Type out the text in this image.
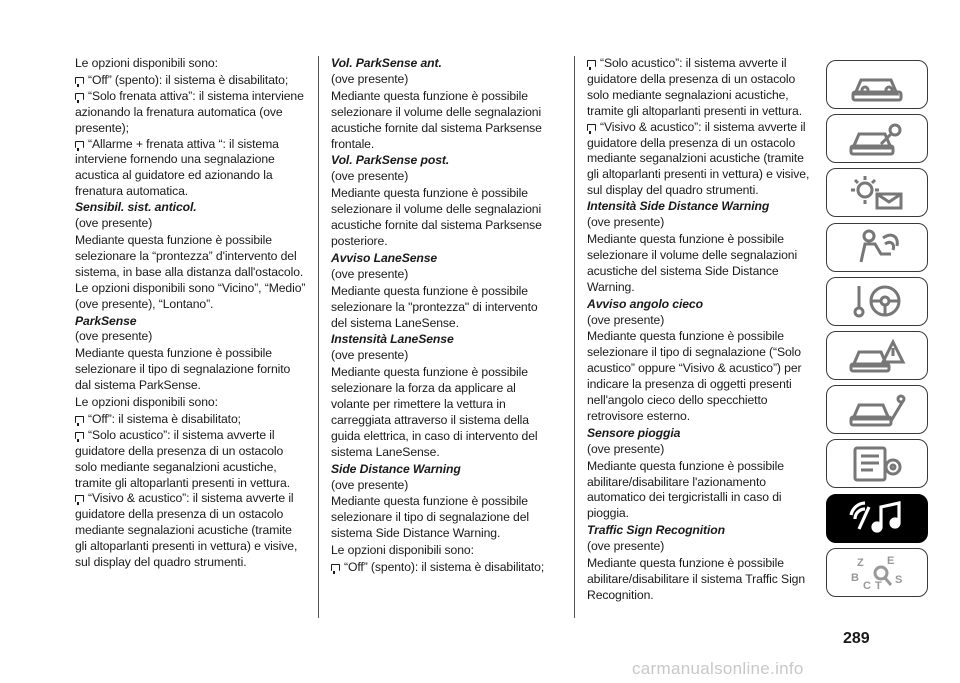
Le opzioni disponibili sono:
“Off” (spento): il sistema è disabilitato;
“Solo frenata attiva”: il sistema interviene azionando la frenatura automatica (ove presente);
“Allarme + frenata attiva “: il sistema interviene fornendo una segnalazione acustica al guidatore ed azionando la frenatura automatica.
Sensibil. sist. anticol.
(ove presente)
Mediante questa funzione è possibile selezionare la “prontezza” d'intervento del sistema, in base alla distanza dall'ostacolo. Le opzioni disponibili sono “Vicino”, “Medio” (ove presente), “Lontano”.
ParkSense
(ove presente)
Mediante questa funzione è possibile selezionare il tipo di segnalazione fornito dal sistema ParkSense.
Le opzioni disponibili sono:
“Off”: il sistema è disabilitato;
“Solo acustico”: il sistema avverte il guidatore della presenza di un ostacolo solo mediante seganalzioni acustiche, tramite gli altoparlanti presenti in vettura.
“Visivo & acustico”: il sistema avverte il guidatore della presenza di un ostacolo mediante segnalazioni acustiche (tramite gli altoparlanti presenti in vettura) e visive, sul display del quadro strumenti.
Vol. ParkSense ant.
(ove presente)
Mediante questa funzione è possibile selezionare il volume delle segnalazioni acustiche fornite dal sistema Parksense frontale.
Vol. ParkSense post.
(ove presente)
Mediante questa funzione è possibile selezionare il volume delle segnalazioni acustiche fornite dal sistema Parksense posteriore.
Avviso LaneSense
(ove presente)
Mediante questa funzione è possibile selezionare la "prontezza" di intervento del sistema LaneSense.
Instensità LaneSense
(ove presente)
Mediante questa funzione è possibile selezionare la forza da applicare al volante per rimettere la vettura in carreggiata attraverso il sistema della guida elettrica, in caso di intervento del sistema LaneSense.
Side Distance Warning
(ove presente)
Mediante questa funzione è possibile selezionare il tipo di segnalazione del sistema Side Distance Warning.
Le opzioni disponibili sono:
“Off” (spento): il sistema è disabilitato;
“Solo acustico”: il sistema avverte il guidatore della presenza di un ostacolo solo mediante segnalazioni acustiche, tramite gli altoparlanti presenti in vettura.
“Visivo & acustico”: il sistema avverte il guidatore della presenza di un ostacolo mediante seganalzioni acustiche (tramite gli altoparlanti presenti in vettura) e visive, sul display del quadro strumenti.
Intensità Side Distance Warning
(ove presente)
Mediante questa funzione è possibile selezionare il volume delle segnalazioni acustiche del sistema Side Distance Warning.
Avviso angolo cieco
(ove presente)
Mediante questa funzione è possibile selezionare il tipo di segnalazione (“Solo acustico” oppure “Visivo & acustico”) per indicare la presenza di oggetti presenti nell'angolo cieco dello specchietto retrovisore esterno.
Sensore pioggia
(ove presente)
Mediante questa funzione è possibile abilitare/disabilitare l'azionamento automatico dei tergicristalli in caso di pioggia.
Traffic Sign Recognition
(ove presente)
Mediante questa funzione è possibile abilitare/disabilitare il sistema Traffic Sign Recognition.
Z E
B
C T S
289
carmanualsonline.info
